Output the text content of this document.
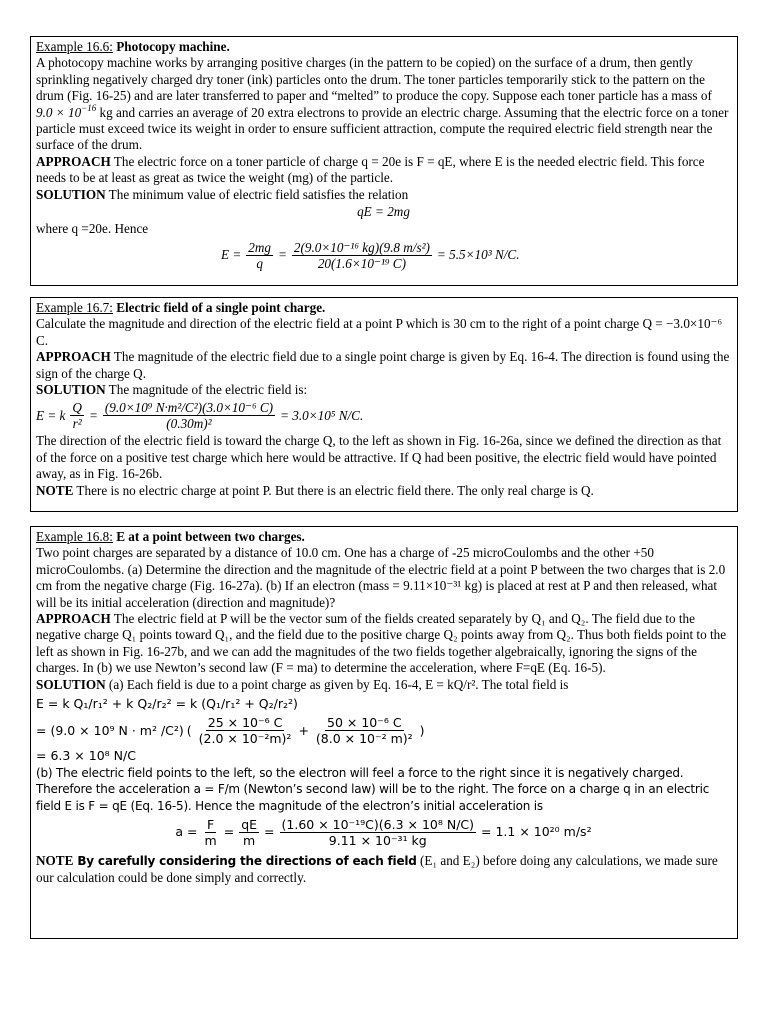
Example 16.6: Photocopy machine.

A photocopy machine works by arranging positive charges (in the pattern to be copied) on the surface of a drum, then gently sprinkling negatively charged dry toner (ink) particles onto the drum. The toner particles temporarily stick to the pattern on the drum (Fig. 16-25) and are later transferred to paper and “melted” to produce the copy. Suppose each toner particle has a mass of $9.0 \times 10^{-16}$ kg and carries an average of 20 extra electrons to provide an electric charge. Assuming that the electric force on a toner particle must exceed twice its weight in order to ensure sufficient attraction, compute the required electric field strength near the surface of the drum.

APPROACH The electric force on a toner particle of charge q = 20e is F = qE, where E is the needed electric field. This force needs to be at least as great as twice the weight (mg) of the particle.

SOLUTION The minimum value of electric field satisfies the relation

qE = 2mg

where q =20e. Hence

$E = \frac{2mg}{q} = \frac{\text{2(9.0×10⁻¹⁶ kg)(9.8 m/s²)}}{\text{20(1.6×10⁻¹⁹ C)}} = 5.5\times 10^3$ N/C.

Example 16.7: Electric field of a single point charge.

Calculate the magnitude and direction of the electric field at a point P which is 30 cm to the right of a point charge Q = −3.0×10⁻⁶ C.

APPROACH The magnitude of the electric field due to a single point charge is given by Eq. 16-4. The direction is found using the sign of the charge Q.

SOLUTION The magnitude of the electric field is:

E = k $\frac{Q}{\text{r²}} = \frac{\text{(9.0×10⁹ N·m²/C²)(3.0×10⁻⁶ C)}}{\text{(0.30m)²}} = 3.0\times 10^5$ N/C.

The direction of the electric field is toward the charge Q, to the left as shown in Fig. 16-26a, since we defined the direction as that of the force on a positive test charge which here would be attractive. If Q had been positive, the electric field would have pointed away, as in Fig. 16-26b.

NOTE There is no electric charge at point P. But there is an electric field there. The only real charge is Q.

Example 16.8: E at a point between two charges.

Two point charges are separated by a distance of 10.0 cm. One has a charge of -25 microCoulombs and the other +50 microCoulombs. (a) Determine the direction and the magnitude of the electric field at a point P between the two charges that is 2.0 cm from the negative charge (Fig. 16-27a). (b) If an electron (mass = 9.11×10⁻³¹ kg) is placed at rest at P and then released, what will be its initial acceleration (direction and magnitude)?

APPROACH The electric field at P will be the vector sum of the fields created separately by Q₁ and Q₂. The field due to the negative charge Q₁ points toward Q₁, and the field due to the positive charge Q₂ points away from Q₂. Thus both fields point to the left as shown in Fig. 16-27b, and we can add the magnitudes of the two fields together algebraically, ignoring the signs of the charges. In (b) we use Newton’s second law (F = ma) to determine the acceleration, where F=qE (Eq. 16-5).

SOLUTION (a) Each field is due to a point charge as given by Eq. 16-4, E = kQ/r². The total field is

E = k Q₁/r₁² + k Q₂/r₂² = k (Q₁/r₁² + Q₂/r₂²)

= (9.0 × 10⁹ N · m² /C²) ( $\frac{\text{25 × 10⁻⁶ C}}{\text{(2.0 × 10⁻²m)²}} + \frac{\text{50 × 10⁻⁶ C}}{\text{(8.0 × 10⁻² m)²}}$ )

= 6.3 × 10⁸ N/C

(b) The electric field points to the left, so the electron will feel a force to the right since it is negatively charged. Therefore the acceleration a = F/m (Newton’s second law) will be to the right. The force on a charge q in an electric field E is F = qE (Eq. 16-5). Hence the magnitude of the electron’s initial acceleration is

$a = \frac{F}{m} = \frac{qE}{m} = \frac{\text{(1.60 × 10⁻¹⁹C)(6.3 × 10⁸ N/C)}}{\text{9.11 × 10⁻³¹ kg}} = 1.1 \times 10^{20}$ m/s²

NOTE By carefully considering the directions of each field (E₁ and E₂) before doing any calculations, we made sure our calculation could be done simply and correctly.
